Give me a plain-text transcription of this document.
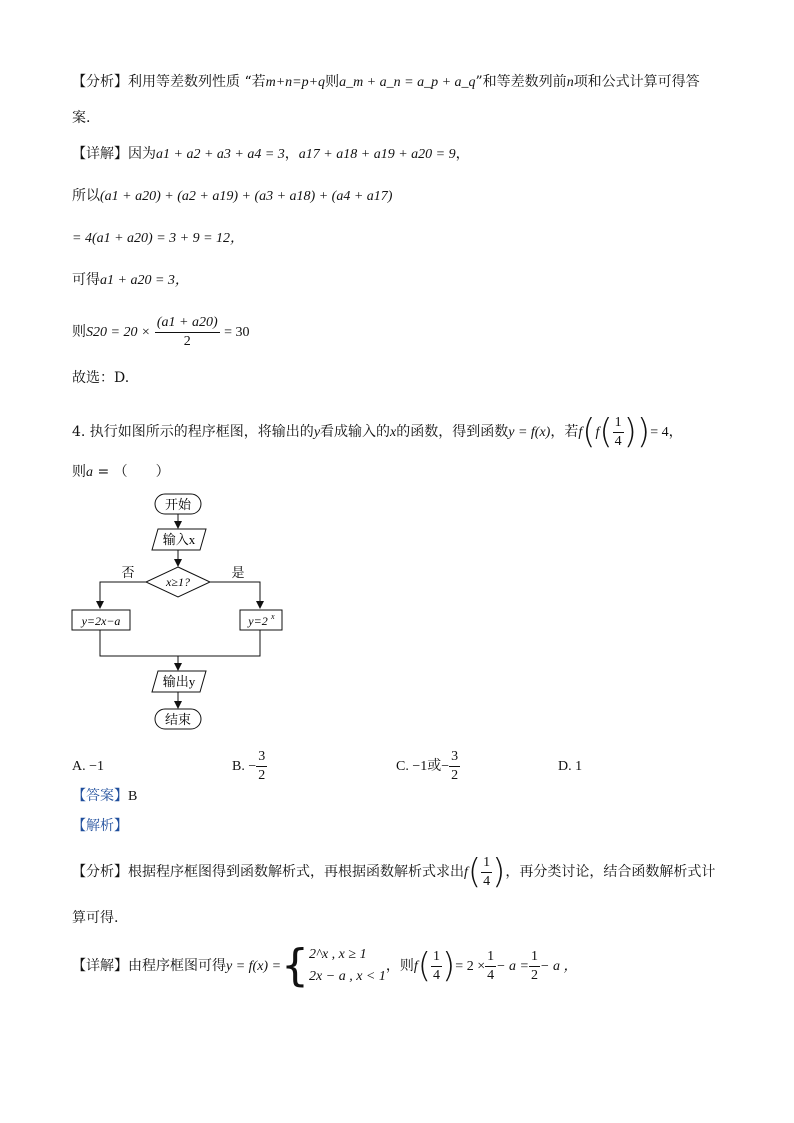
【分析】利用等差数列性质 “若m+n=p+q则a_m + a_n = a_p + a_q”和等差数列前n项和公式计算可得答
案.
【详解】因为a1 + a2 + a3 + a4 = 3，a17 + a18 + a19 + a20 = 9，
所以(a1 + a20) + (a2 + a19) + (a3 + a18) + (a4 + a17)
= 4(a1 + a20) = 3 + 9 = 12，
可得a1 + a20 = 3，
则$S20 = 20 \times \frac{(a1 + a20)}{2} = 30$
故选：D.
4. 执行如图所示的程序框图，将输出的y看成输入的x的函数，得到函数y = f(x)，若$f(f( \frac{1}{4}$ ))= 4，
则a = （　　）
开始
输入x
x≥1?
否	是
y=2x−a	y=2 x
输出y
结束
A. −1	B. − $\frac{3}{2}$	C. −1或− $\frac{3}{2}$	D. 1
【答案】B
【解析】
【分析】根据程序框图得到函数解析式，再根据函数解析式求出$f( \frac{1}{4}$ )，再分类讨论，结合函数解析式计
算可得.
【详解】由程序框图可得y = f(x) ={ 2^x , x ≥ 1
2x − a , x < 1
，则$f( \frac{1}{4}$ )= $2 \times \frac{1}{4} - a = \frac{1}{2} - a$ ，
